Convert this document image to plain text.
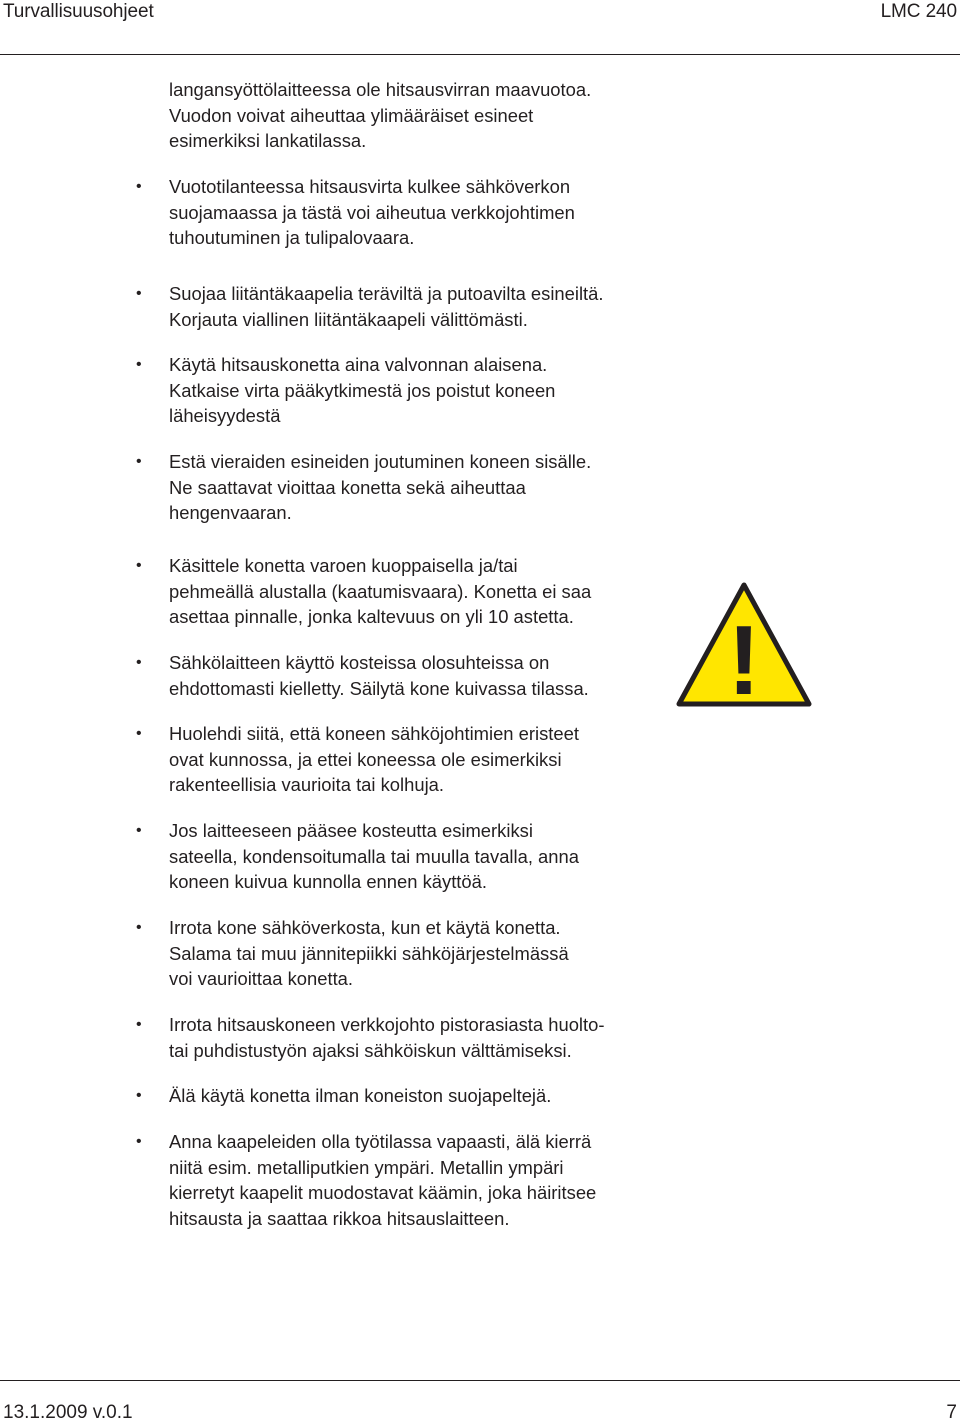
Turvallisuusohjeet	LMC 240
langansyöttölaitteessa ole hitsausvirran maavuotoa.
Vuodon voivat aiheuttaa ylimääräiset esineet
esimerkiksi lankatilassa.
• Vuototilanteessa hitsausvirta kulkee sähköverkon
suojamaassa ja tästä voi aiheutua verkkojohtimen
tuhoutuminen ja tulipalovaara.
• Suojaa liitäntäkaapelia teräviltä ja putoavilta esineiltä.
Korjauta viallinen liitäntäkaapeli välittömästi.
• Käytä hitsauskonetta aina valvonnan alaisena.
Katkaise virta pääkytkimestä jos poistut koneen
läheisyydestä
• Estä vieraiden esineiden joutuminen koneen sisälle.
Ne saattavat vioittaa konetta sekä aiheuttaa
hengenvaaran.
• Käsittele konetta varoen kuoppaisella ja/tai
pehmeällä alustalla (kaatumisvaara). Konetta ei saa
asettaa pinnalle, jonka kaltevuus on yli 10 astetta.
• Sähkölaitteen käyttö kosteissa olosuhteissa on
ehdottomasti kielletty. Säilytä kone kuivassa tilassa.
• Huolehdi siitä, että koneen sähköjohtimien eristeet
ovat kunnossa, ja ettei koneessa ole esimerkiksi
rakenteellisia vaurioita tai kolhuja.
• Jos laitteeseen pääsee kosteutta esimerkiksi
sateella, kondensoitumalla tai muulla tavalla, anna
koneen kuivua kunnolla ennen käyttöä.
• Irrota kone sähköverkosta, kun et käytä konetta.
Salama tai muu jännitepiikki sähköjärjestelmässä
voi vaurioittaa konetta.
• Irrota hitsauskoneen verkkojohto pistorasiasta huolto-
tai puhdistustyön ajaksi sähköiskun välttämiseksi.
• Älä käytä konetta ilman koneiston suojapeltejä.
• Anna kaapeleiden olla työtilassa vapaasti, älä kierrä
niitä esim. metalliputkien ympäri. Metallin ympäri
kierretyt kaapelit muodostavat käämin, joka häiritsee
hitsausta ja saattaa rikkoa hitsauslaitteen.
!
13.1.2009 v.0.1	7
